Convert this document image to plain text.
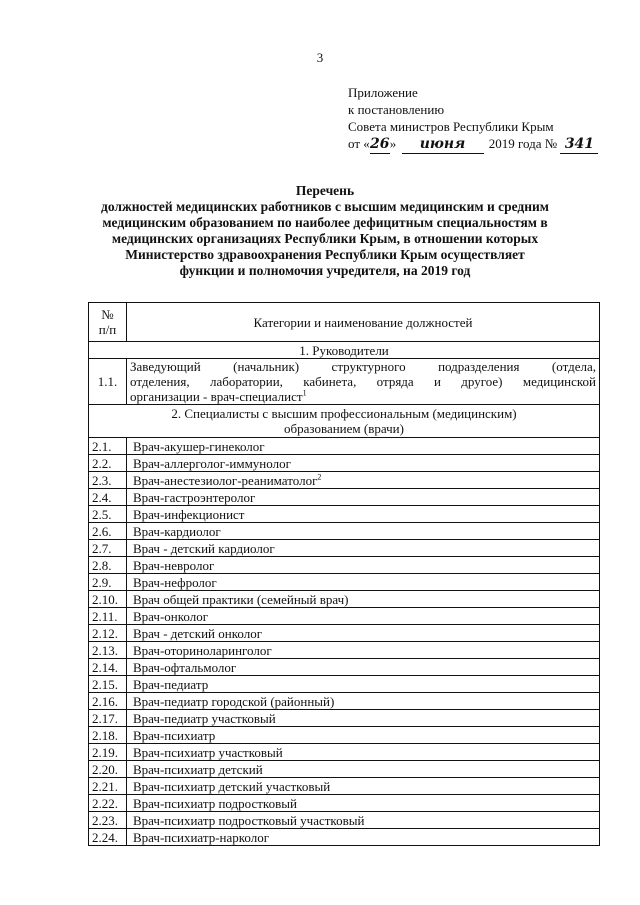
3
Приложение
к постановлению
Совета министров Республики Крым
от «26» июня 2019 года № 341
Перечень
должностей медицинских работников с высшим медицинским и средним
медицинским образованием по наиболее дефицитным специальностям в
медицинских организациях Республики Крым, в отношении которых
Министерство здравоохранения Республики Крым осуществляет
функции и полномочия учредителя, на 2019 год
№
п/п	Категории и наименование должностей
1. Руководители	
1.1.	Заведующий (начальник) структурного подразделения (отдела,
отделения, лаборатории, кабинета, отряда и другое) медицинской
организации - врач-специалист$^1$

2. Специалисты с высшим профессиональным (медицинским)
образованием (врачи)	

2.1.	Врач-акушер-гинеколог
2.2.	Врач-аллерголог-иммунолог
2.3.	Врач-анестезиолог-реаниматолог$^2$
2.4.	Врач-гастроэнтеролог
2.5.	Врач-инфекционист
2.6.	Врач-кардиолог
2.7.	Врач - детский кардиолог
2.8.	Врач-невролог
2.9.	Врач-нефролог
2.10.	Врач общей практики (семейный врач)
2.11.	Врач-онколог
2.12.	Врач - детский онколог
2.13.	Врач-оториноларинголог
2.14.	Врач-офтальмолог
2.15.	Врач-педиатр
2.16.	Врач-педиатр городской (районный)
2.17.	Врач-педиатр участковый
2.18.	Врач-психиатр
2.19.	Врач-психиатр участковый
2.20.	Врач-психиатр детский
2.21.	Врач-психиатр детский участковый
2.22.	Врач-психиатр подростковый
2.23.	Врач-психиатр подростковый участковый
2.24.	Врач-психиатр-нарколог
